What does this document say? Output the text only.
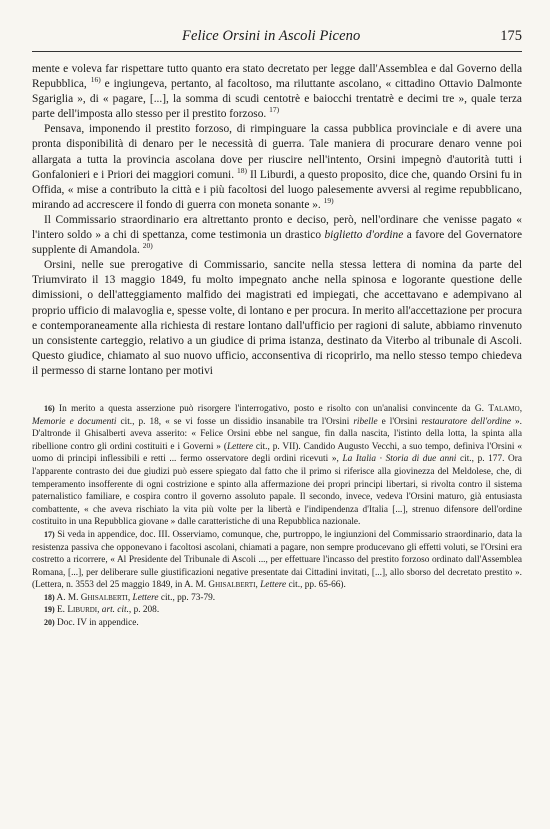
Felice Orsini in Ascoli Piceno	175

mente e voleva far rispettare tutto quanto era stato decretato per legge dall'Assemblea e dal Governo della Repubblica, $^{16)}$ e ingiungeva, pertanto, al facoltoso, ma riluttante ascolano, « cittadino Ottavio Dalmonte Sgariglia », di « pagare, [...], la somma di scudi centotrè e baiocchi trentatrè e decimi tre », quale terza parte dell'imposta allo stesso per il prestito forzoso. $^{17)}$

Pensava, imponendo il prestito forzoso, di rimpinguare la cassa pubblica provinciale e di avere una pronta disponibilità di denaro per le necessità di guerra. Tale maniera di procurare denaro venne poi allargata a tutta la provincia ascolana dove per riuscire nell'intento, Orsini impegnò d'autorità tutti i Gonfalonieri e i Priori dei maggiori comuni. $^{18)}$ Il Liburdi, a questo proposito, dice che, quando Orsini fu in Offida, « mise a contributo la città e i più facoltosi del luogo palesemente avversi al regime repubblicano, mirando ad accrescere il fondo di guerra con moneta sonante ». $^{19)}$

Il Commissario straordinario era altrettanto pronto e deciso, però, nell'ordinare che venisse pagato « l'intero soldo » a chi di spettanza, come testimonia un drastico biglietto d'ordine a favore del Governatore supplente di Amandola. $^{20)}$

Orsini, nelle sue prerogative di Commissario, sancite nella stessa lettera di nomina da parte del Triumvirato il 13 maggio 1849, fu molto impegnato anche nella spinosa e logorante questione delle dimissioni, o dell'atteggiamento malfido dei magistrati ed impiegati, che accettavano e adempivano al proprio ufficio di malavoglia e, spesse volte, di lontano e per procura. In merito all'accettazione per procura e contemporaneamente alla richiesta di restare lontano dall'ufficio per ragioni di salute, abbiamo rinvenuto un consistente carteggio, relativo a un giudice di prima istanza, destinato da Viterbo al tribunale di Ascoli. Questo giudice, chiamato al suo nuovo ufficio, acconsentiva di ricoprirlo, ma nello stesso tempo chiedeva il permesso di starne lontano per motivi

16) In merito a questa asserzione può risorgere l'interrogativo, posto e risolto con un'analisi convincente da G. Talamo, Memorie e documenti cit., p. 18, « se vi fosse un dissidio insanabile tra l'Orsini ribelle e l'Orsini restauratore dell'ordine ». D'altronde il Ghisalberti aveva asserito: « Felice Orsini ebbe nel sangue, fin dalla nascita, l'istinto della lotta, la spinta alla ribellione contro gli ordini costituiti e i Governi » (Lettere cit., p. VII). Candido Augusto Vecchi, a suo tempo, definiva l'Orsini « uomo di principi inflessibili e retti ... fermo osservatore degli ordini ricevuti », La Italia · Storia di due anni cit., p. 177. Ora l'apparente contrasto dei due giudizi può essere spiegato dal fatto che il primo si riferisce alla giovinezza del Meldolese, che, di temperamento insofferente di ogni costrizione e spinto alla affermazione dei propri principi libertari, si rivolta contro il sistema paternalistico familiare, e cospira contro il governo assoluto papale. Il secondo, invece, vedeva l'Orsini maturo, già entusiasta combattente, « che aveva rischiato la vita più volte per la libertà e l'indipendenza d'Italia [...], strenuo difensore dell'ordine costituito in una Repubblica giovane » dalle caratteristiche di una Repubblica nazionale.

17) Si veda in appendice, doc. III. Osserviamo, comunque, che, purtroppo, le ingiunzioni del Commissario straordinario, data la resistenza passiva che opponevano i facoltosi ascolani, chiamati a pagare, non sempre producevano gli effetti voluti, se l'Orsini era costretto a ricorrere, « Al Presidente del Tribunale di Ascoli ..., per effettuare l'incasso del prestito forzoso ordinato dall'Assemblea Romana, [...], per deliberare sulle giustificazioni negative presentate dai Cittadini invitati, [...], allo sborso del decretato prestito ». (Lettera, n. 3553 del 25 maggio 1849, in A. M. Ghisalberti, Lettere cit., pp. 65-66).

18) A. M. Ghisalberti, Lettere cit., pp. 73-79.

19) E. Liburdi, art. cit., p. 208.

20) Doc. IV in appendice.
